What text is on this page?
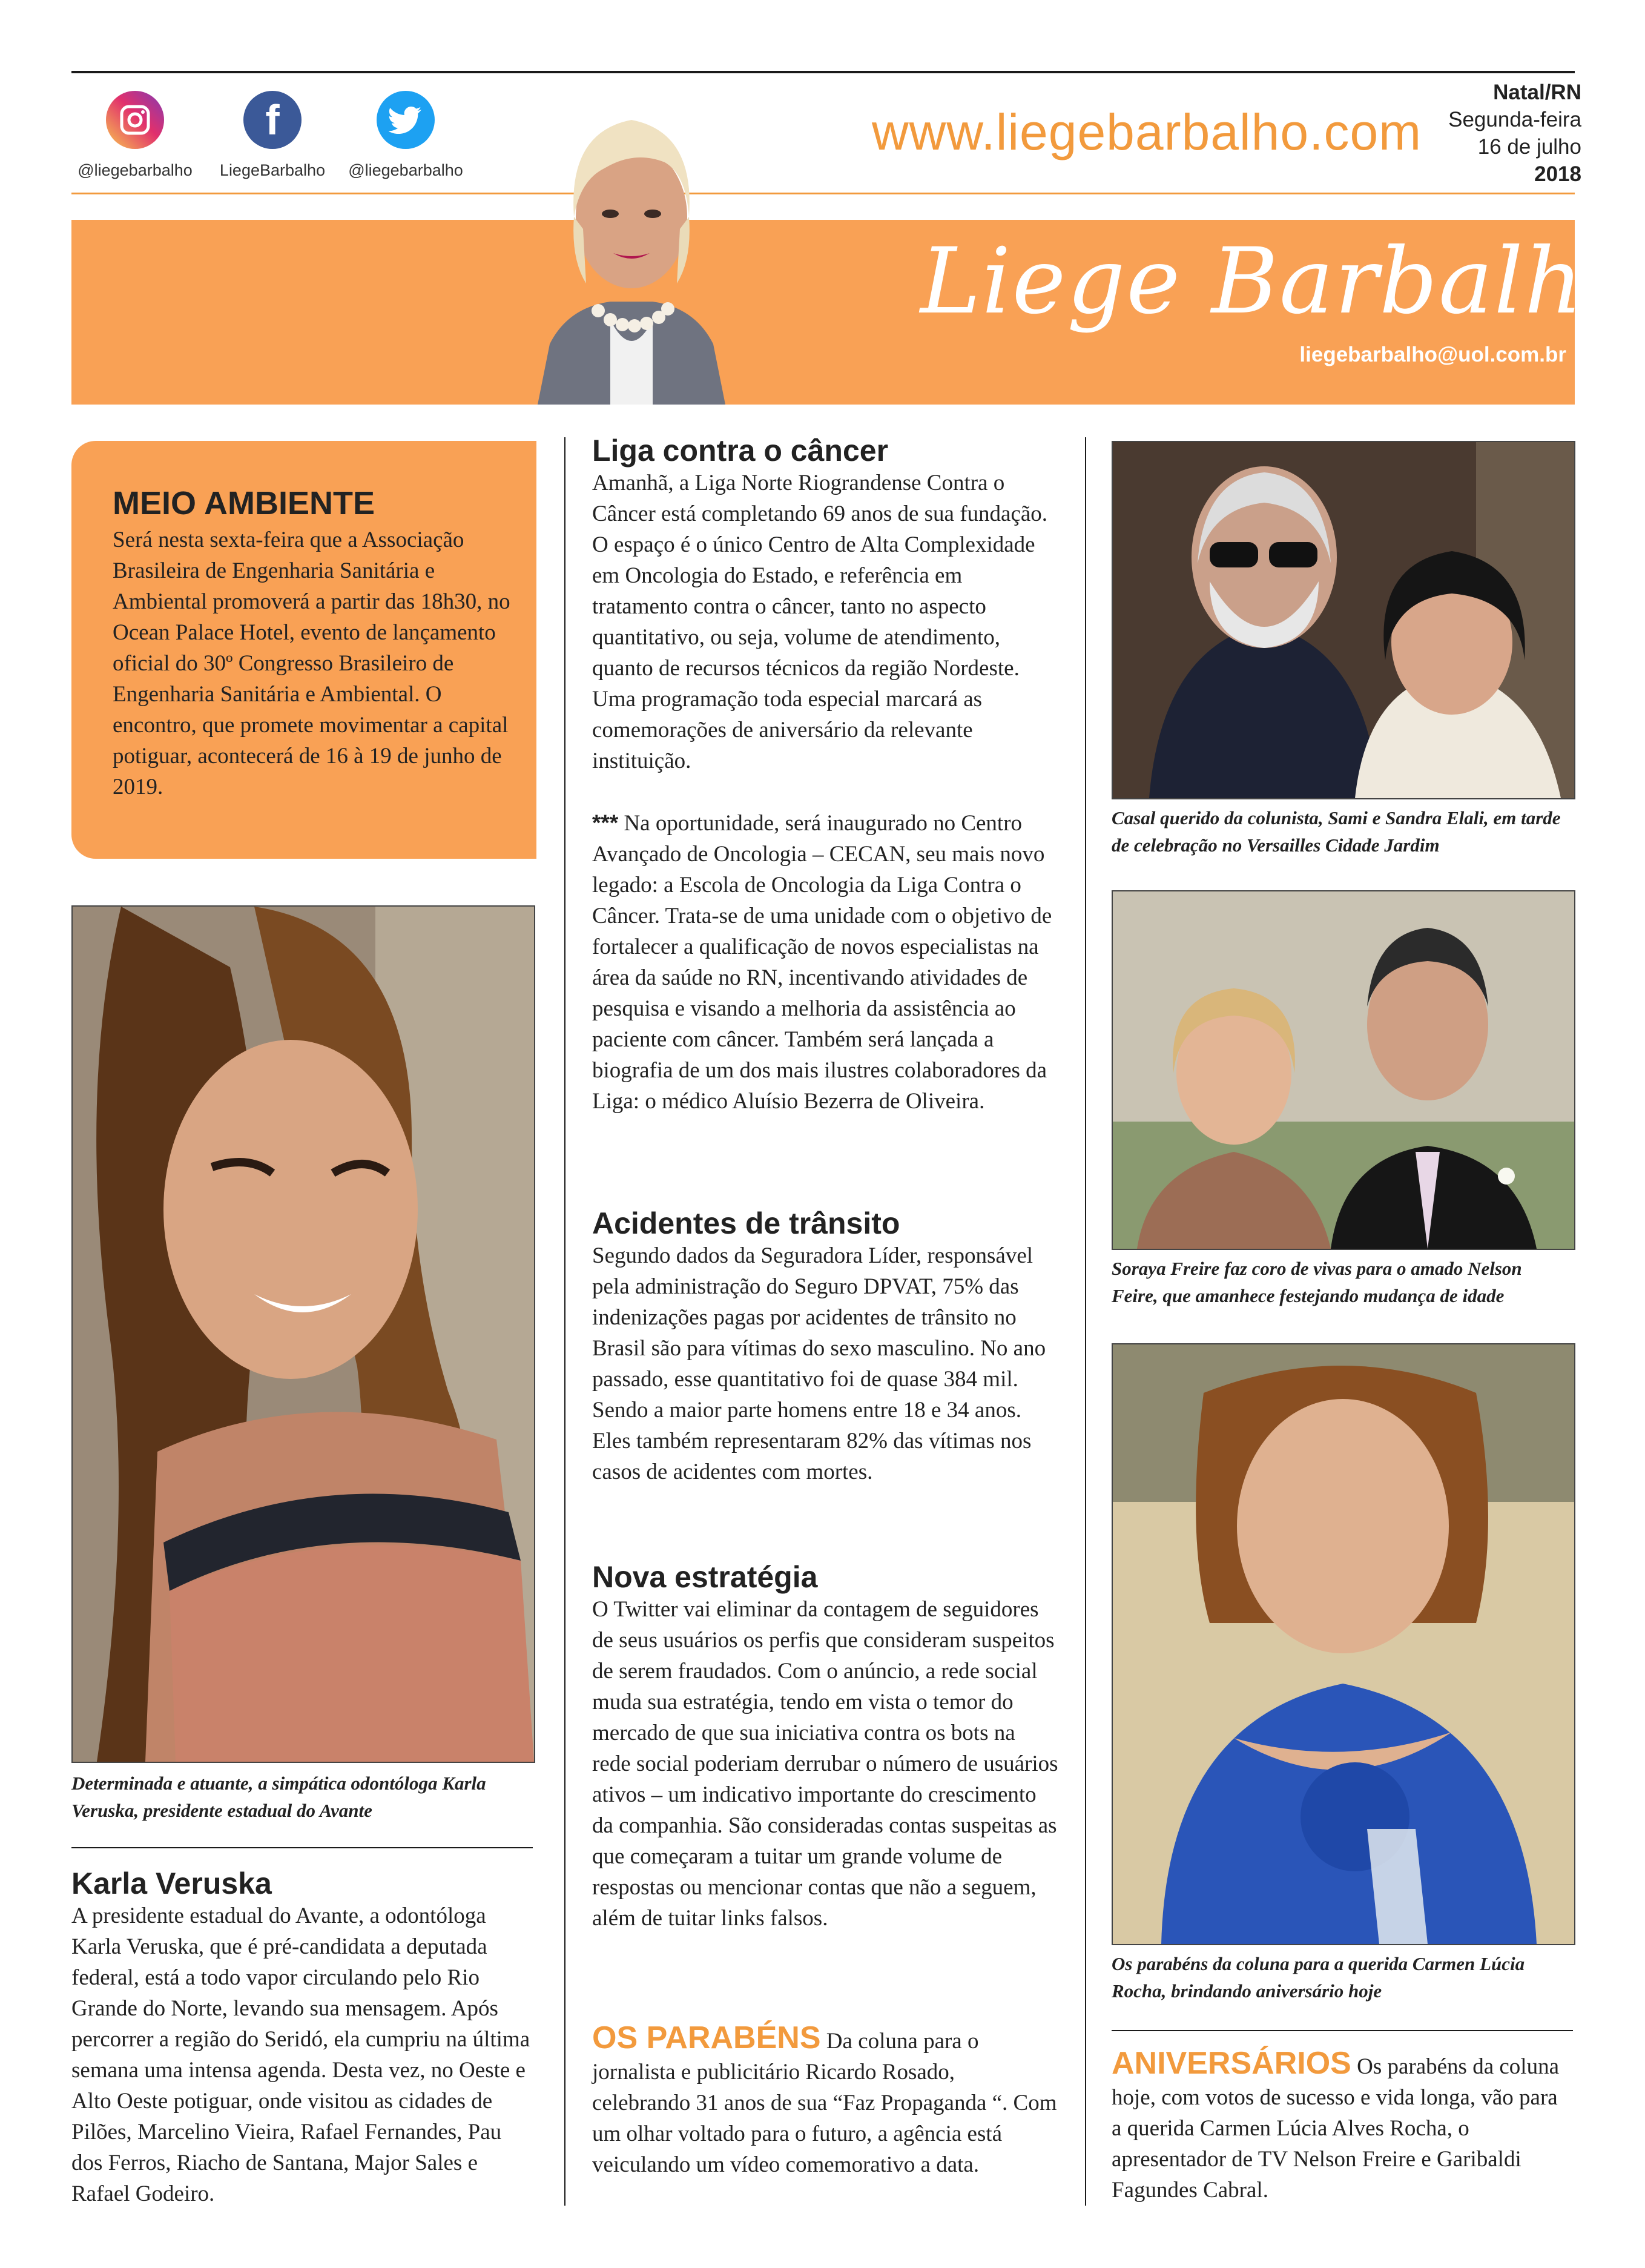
@liegebarbalho
f
LiegeBarbalho	@liegebarbalho
www.liegebarbalho.com
Natal/RN
Segunda-feira
16 de julho
2018
Liege Barbalho
liegebarbalho@uol.com.br
MEIO AMBIENTE

Será nesta sexta-feira que a Associação Brasileira de Engenharia Sanitária e Ambiental promoverá a partir das 18h30, no Ocean Palace Hotel, evento de lançamento oficial do 30º Congresso Brasileiro de Engenharia Sanitária e Ambiental. O encontro, que promete movimentar a capital potiguar, acontecerá de 16 à 19 de junho de 2019.

Determinada e atuante, a simpática odontóloga Karla Veruska, presidente estadual do Avante
Karla Veruska

A presidente estadual do Avante, a odontóloga Karla Veruska, que é pré-candidata a deputada federal, está a todo vapor circulando pelo Rio Grande do Norte, levando sua mensagem. Após percorrer a região do Seridó, ela cumpriu na última semana uma intensa agenda. Desta vez, no Oeste e Alto Oeste potiguar, onde visitou as cidades de Pilões, Marcelino Vieira, Rafael Fernandes, Pau dos Ferros, Riacho de Santana, Major Sales e Rafael Godeiro.

Liga contra o câncer

Amanhã, a Liga Norte Riograndense Contra o Câncer está completando 69 anos de sua fundação. O espaço é o único Centro de Alta Complexidade em Oncologia do Estado, e referência em tratamento contra o câncer, tanto no aspecto quantitativo, ou seja, volume de atendimento, quanto de recursos técnicos da região Nordeste. Uma programação toda especial marcará as comemorações de aniversário da relevante instituição.

*** Na oportunidade, será inaugurado no Centro Avançado de Oncologia – CECAN, seu mais novo legado: a Escola de Oncologia da Liga Contra o Câncer. Trata-se de uma unidade com o objetivo de fortalecer a qualificação de novos especialistas na área da saúde no RN, incentivando atividades de pesquisa e visando a melhoria da assistência ao paciente com câncer. Também será lançada a biografia de um dos mais ilustres colaboradores da Liga: o médico Aluísio Bezerra de Oliveira.

Acidentes de trânsito

Segundo dados da Seguradora Líder, responsável pela administração do Seguro DPVAT, 75% das indenizações pagas por acidentes de trânsito no Brasil são para vítimas do sexo masculino. No ano passado, esse quantitativo foi de quase 384 mil. Sendo a maior parte homens entre 18 e 34 anos. Eles também representaram 82% das vítimas nos casos de acidentes com mortes.

Nova estratégia

O Twitter vai eliminar da contagem de seguidores de seus usuários os perfis que consideram suspeitos de serem fraudados. Com o anúncio, a rede social muda sua estratégia, tendo em vista o temor do mercado de que sua iniciativa contra os bots na rede social poderiam derrubar o número de usuários ativos – um indicativo importante do crescimento da companhia. São consideradas contas suspeitas as que começaram a tuitar um grande volume de respostas ou mencionar contas que não a seguem, além de tuitar links falsos.

OS PARABÉNS Da coluna para o jornalista e publicitário Ricardo Rosado, celebrando 31 anos de sua “Faz Propaganda “. Com um olhar voltado para o futuro, a agência está veiculando um vídeo comemorativo a data.

Casal querido da colunista, Sami e Sandra Elali, em tarde de celebração no Versailles Cidade Jardim
Soraya Freire faz coro de vivas para o amado Nelson Feire, que amanhece festejando mudança de idade
Os parabéns da coluna para a querida Carmen Lúcia Rocha, brindando aniversário hoje

ANIVERSÁRIOS Os parabéns da coluna hoje, com votos de sucesso e vida longa, vão para a querida Carmen Lúcia Alves Rocha, o apresentador de TV Nelson Freire e Garibaldi Fagundes Cabral.
